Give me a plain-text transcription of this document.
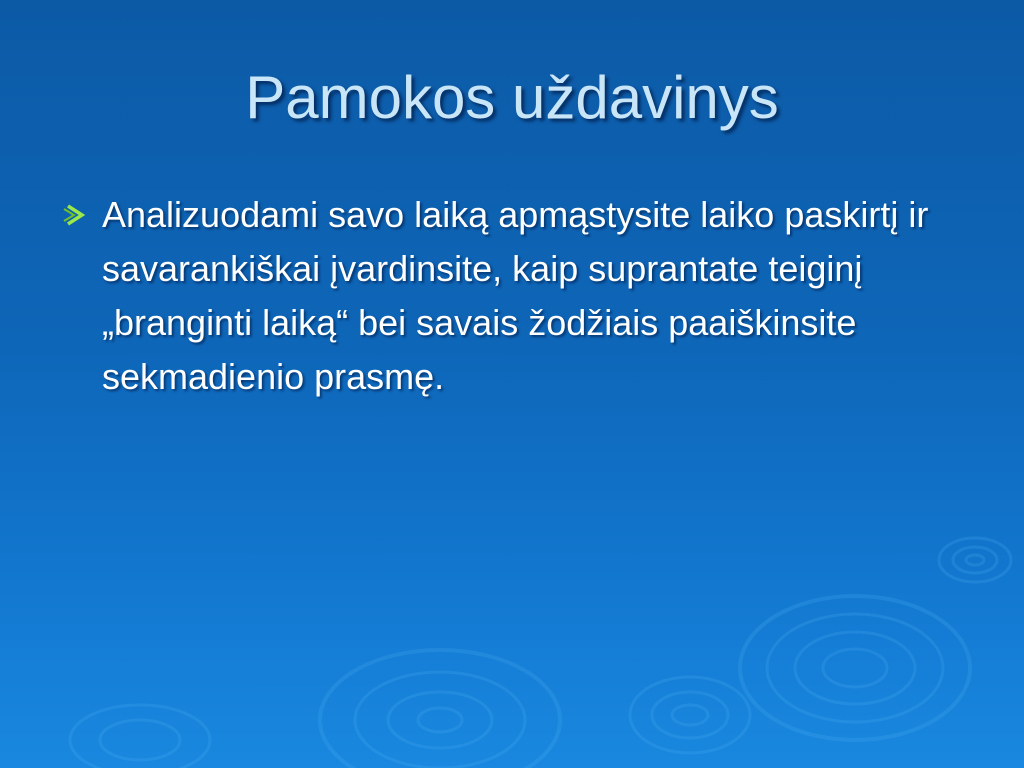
Pamokos uždavinys
Analizuodami savo laiką apmąstysite laiko paskirtį ir savarankiškai įvardinsite, kaip suprantate teiginį „branginti laiką“ bei savais žodžiais paaiškinsite sekmadienio prasmę.
